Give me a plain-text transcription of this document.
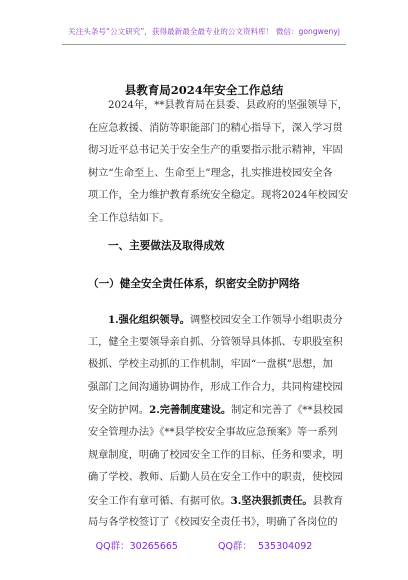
关注头条号“公文研究”，获得最新最全最专业的公文资料库！ 微信：gongwenyj
县教育局2024年安全工作总结
2024年，**县教育局在县委、县政府的坚强领导下，
在应急救援、消防等职能部门的精心指导下，深入学习贯
彻习近平总书记关于安全生产的重要指示批示精神，牢固
树立“生命至上、生命至上”理念，扎实推进校园安全各
项工作，全力维护教育系统安全稳定。现将2024年校园安
全工作总结如下。
一、主要做法及取得成效
（一）健全安全责任体系，织密安全防护网络
1.强化组织领导。调整校园安全工作领导小组职责分
工，健全主要领导亲自抓、分管领导具体抓、专职股室积
极抓、学校主动抓的工作机制，牢固“一盘棋”思想，加
强部门之间沟通协调协作，形成工作合力，共同构建校园
安全防护网。2.完善制度建设。制定和完善了《**县校园
安全管理办法》《**县学校安全事故应急预案》等一系列
规章制度，明确了校园安全工作的目标、任务和要求，明
确了学校、教师、后勤人员在安全工作中的职责，使校园
安全工作有章可循、有据可依。3.坚决狠抓责任。县教育
局与各学校签订了《校园安全责任书》，明确了各岗位的
QQ群：30265665	QQ群： 535304092
